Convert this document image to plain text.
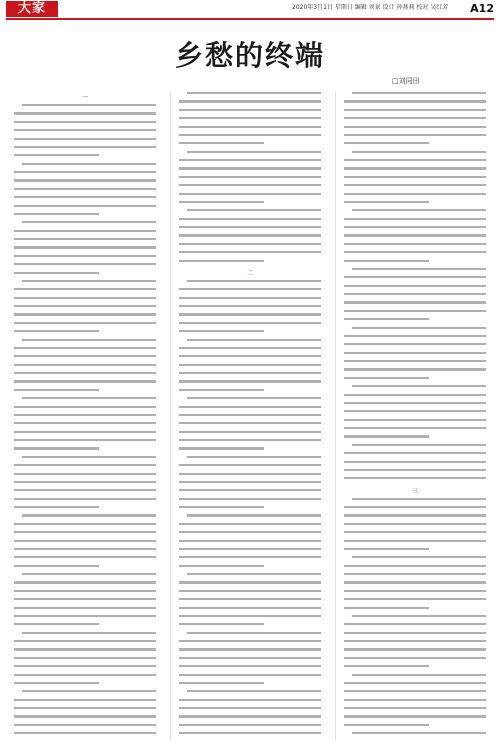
大家	2020年3月1日 星期日 编辑 刘景 设计 孙燕莉 校对 吴红芳	A12
乡愁的终端
□刘同田
一
二
三
